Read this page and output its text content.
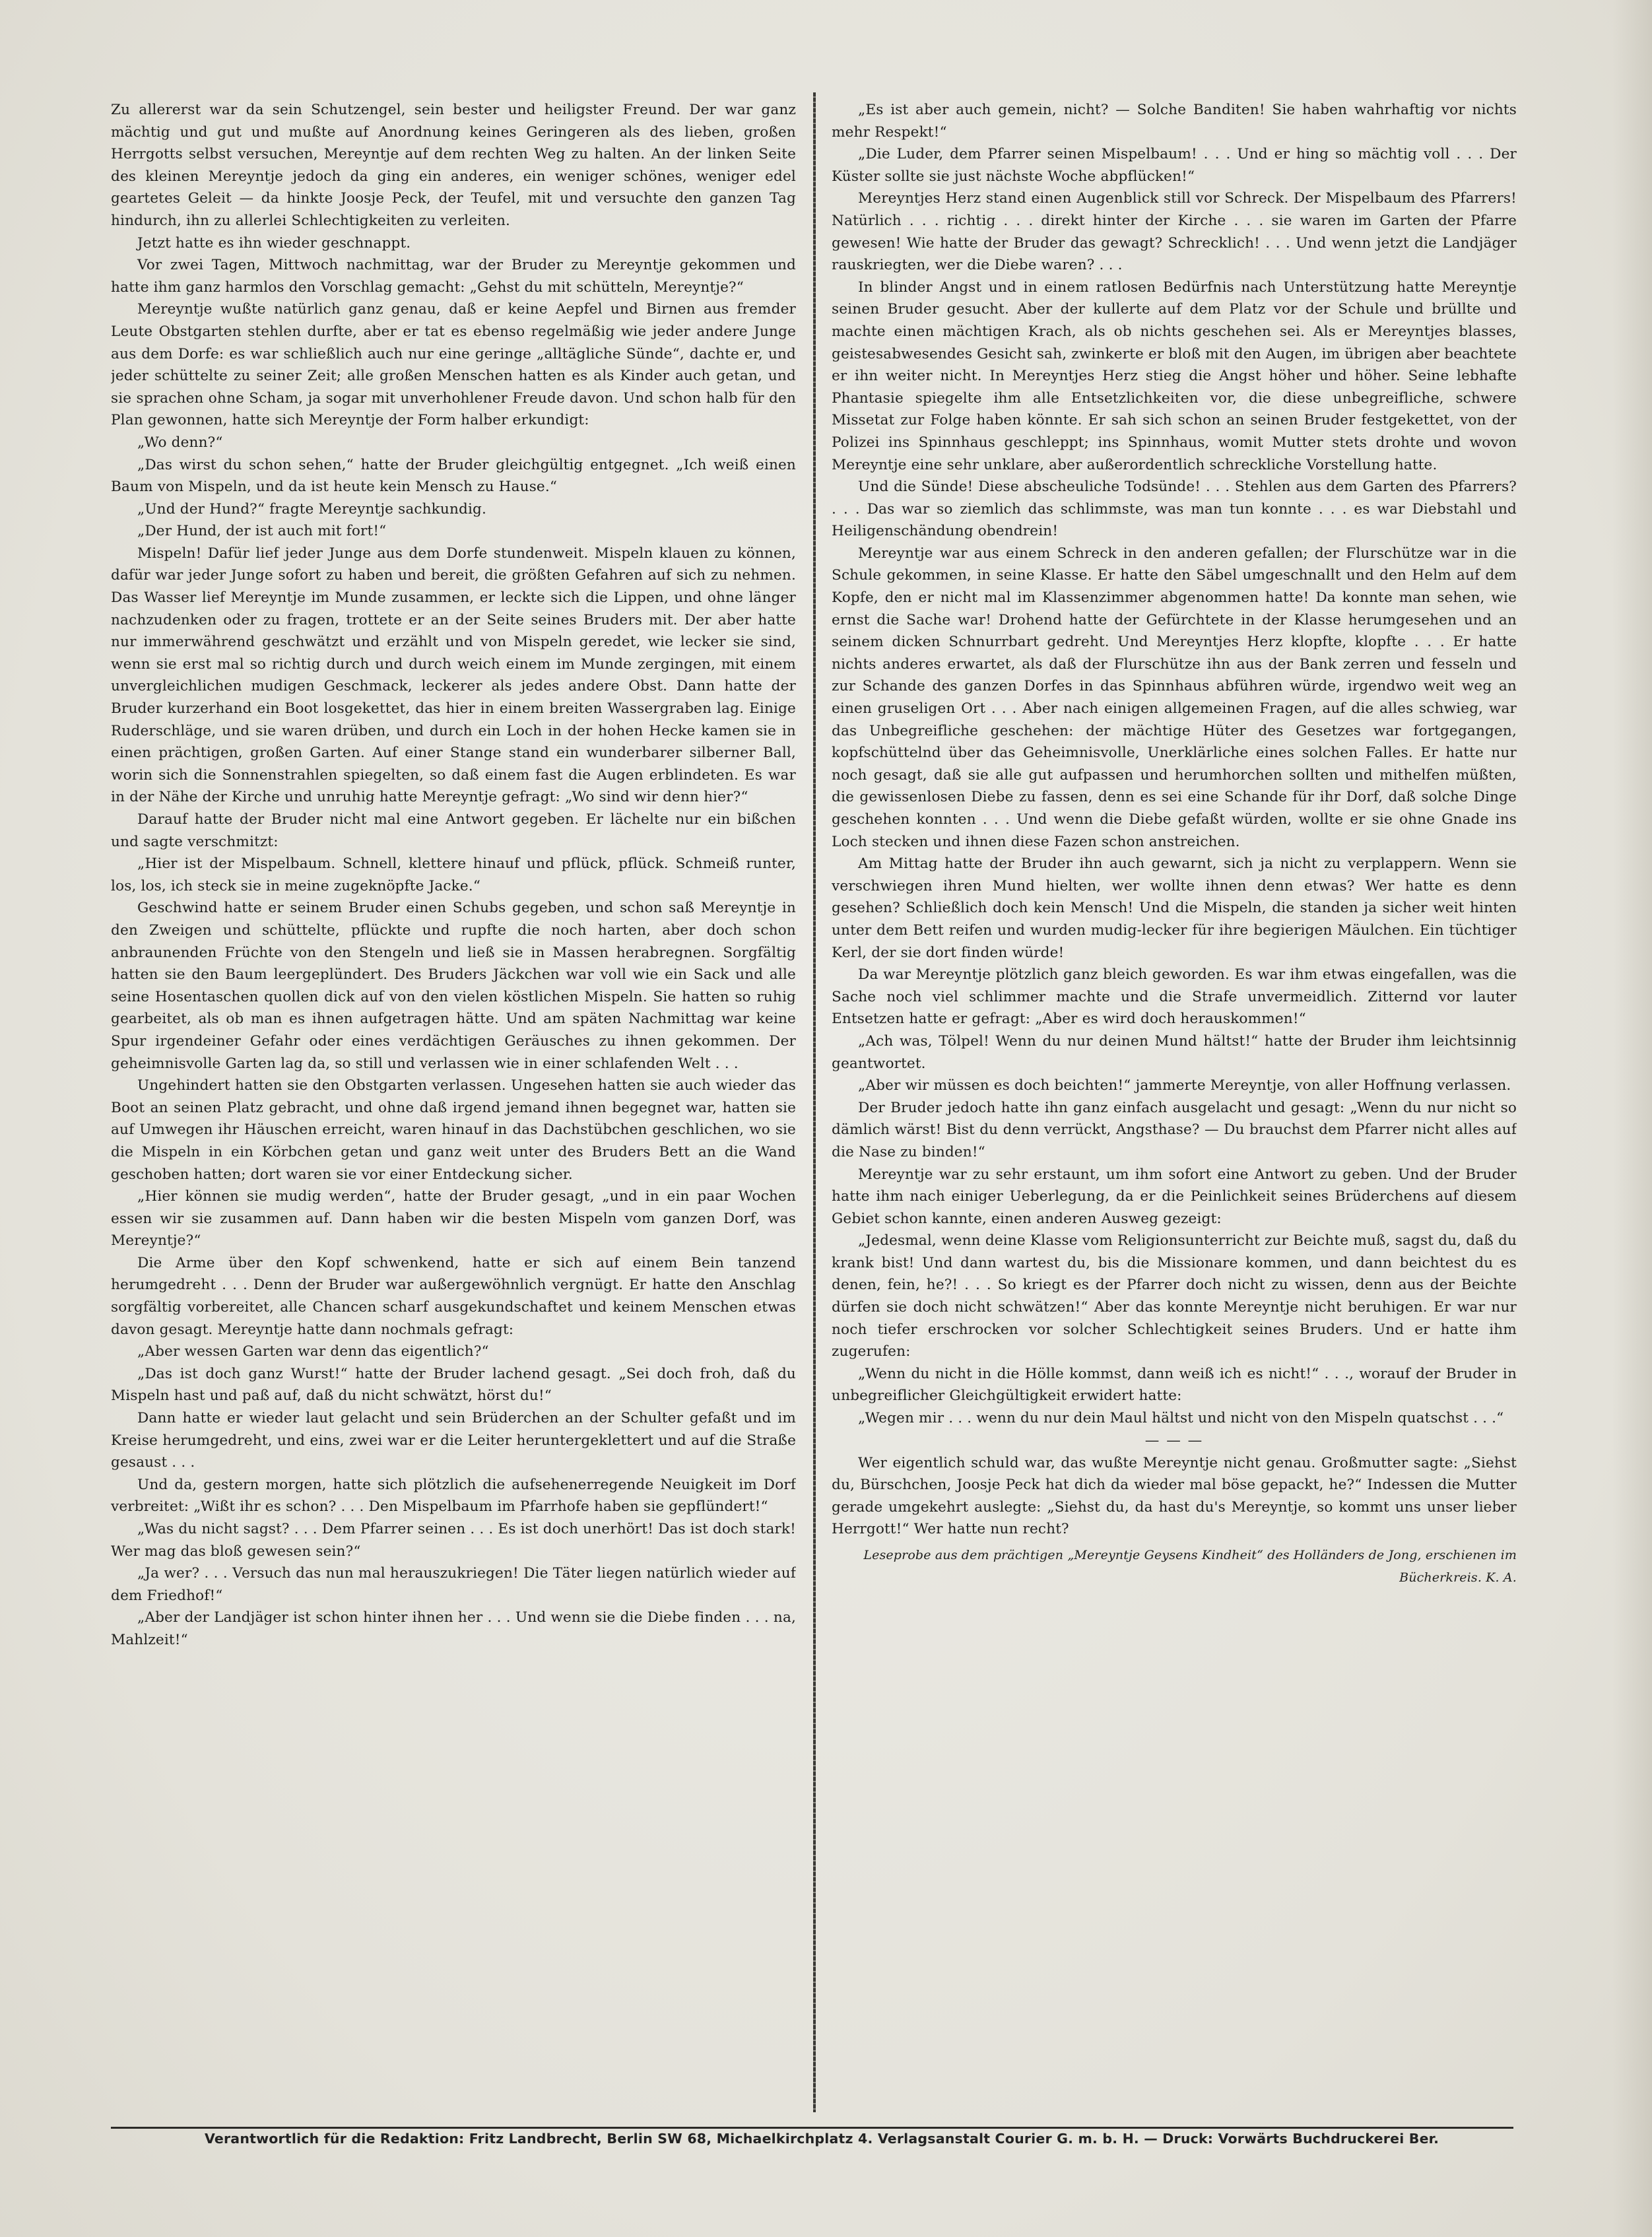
Zu allererst war da sein Schutzengel, sein bester und heiligster Freund. Der war ganz mächtig und gut und mußte auf Anordnung keines Geringeren als des lieben, großen Herrgotts selbst versuchen, Mereyntje auf dem rechten Weg zu halten. An der linken Seite des kleinen Mereyntje jedoch da ging ein anderes, ein weniger schönes, weniger edel geartetes Geleit — da hinkte Joosje Peck, der Teufel, mit und versuchte den ganzen Tag hindurch, ihn zu allerlei Schlechtigkeiten zu verleiten.

Jetzt hatte es ihn wieder geschnappt.

Vor zwei Tagen, Mittwoch nachmittag, war der Bruder zu Mereyntje gekommen und hatte ihm ganz harmlos den Vorschlag gemacht: „Gehst du mit schütteln, Mereyntje?“

Mereyntje wußte natürlich ganz genau, daß er keine Aepfel und Birnen aus fremder Leute Obstgarten stehlen durfte, aber er tat es ebenso regelmäßig wie jeder andere Junge aus dem Dorfe: es war schließlich auch nur eine geringe „alltägliche Sünde“, dachte er, und jeder schüttelte zu seiner Zeit; alle großen Menschen hatten es als Kinder auch getan, und sie sprachen ohne Scham, ja sogar mit unverhohlener Freude davon. Und schon halb für den Plan gewonnen, hatte sich Mereyntje der Form halber erkundigt:

„Wo denn?“

„Das wirst du schon sehen,“ hatte der Bruder gleichgültig entgegnet. „Ich weiß einen Baum von Mispeln, und da ist heute kein Mensch zu Hause.“

„Und der Hund?“ fragte Mereyntje sachkundig.

„Der Hund, der ist auch mit fort!“

Mispeln! Dafür lief jeder Junge aus dem Dorfe stundenweit. Mispeln klauen zu können, dafür war jeder Junge sofort zu haben und bereit, die größten Gefahren auf sich zu nehmen. Das Wasser lief Mereyntje im Munde zusammen, er leckte sich die Lippen, und ohne länger nachzudenken oder zu fragen, trottete er an der Seite seines Bruders mit. Der aber hatte nur immerwährend geschwätzt und erzählt und von Mispeln geredet, wie lecker sie sind, wenn sie erst mal so richtig durch und durch weich einem im Munde zergingen, mit einem unvergleichlichen mudigen Geschmack, leckerer als jedes andere Obst. Dann hatte der Bruder kurzerhand ein Boot losgekettet, das hier in einem breiten Wassergraben lag. Einige Ruderschläge, und sie waren drüben, und durch ein Loch in der hohen Hecke kamen sie in einen prächtigen, großen Garten. Auf einer Stange stand ein wunderbarer silberner Ball, worin sich die Sonnenstrahlen spiegelten, so daß einem fast die Augen erblindeten. Es war in der Nähe der Kirche und unruhig hatte Mereyntje gefragt: „Wo sind wir denn hier?“

Darauf hatte der Bruder nicht mal eine Antwort gegeben. Er lächelte nur ein bißchen und sagte verschmitzt:

„Hier ist der Mispelbaum. Schnell, klettere hinauf und pflück, pflück. Schmeiß runter, los, los, ich steck sie in meine zugeknöpfte Jacke.“

Geschwind hatte er seinem Bruder einen Schubs gegeben, und schon saß Mereyntje in den Zweigen und schüttelte, pflückte und rupfte die noch harten, aber doch schon anbraunenden Früchte von den Stengeln und ließ sie in Massen herabregnen. Sorgfältig hatten sie den Baum leergeplündert. Des Bruders Jäckchen war voll wie ein Sack und alle seine Hosentaschen quollen dick auf von den vielen köstlichen Mispeln. Sie hatten so ruhig gearbeitet, als ob man es ihnen aufgetragen hätte. Und am späten Nachmittag war keine Spur irgendeiner Gefahr oder eines verdächtigen Geräusches zu ihnen gekommen. Der geheimnisvolle Garten lag da, so still und verlassen wie in einer schlafenden Welt . . .

Ungehindert hatten sie den Obstgarten verlassen. Ungesehen hatten sie auch wieder das Boot an seinen Platz gebracht, und ohne daß irgend jemand ihnen begegnet war, hatten sie auf Umwegen ihr Häuschen erreicht, waren hinauf in das Dachstübchen geschlichen, wo sie die Mispeln in ein Körbchen getan und ganz weit unter des Bruders Bett an die Wand geschoben hatten; dort waren sie vor einer Entdeckung sicher.

„Hier können sie mudig werden“, hatte der Bruder gesagt, „und in ein paar Wochen essen wir sie zusammen auf. Dann haben wir die besten Mispeln vom ganzen Dorf, was Mereyntje?“

Die Arme über den Kopf schwenkend, hatte er sich auf einem Bein tanzend herumgedreht . . . Denn der Bruder war außergewöhnlich vergnügt. Er hatte den Anschlag sorgfältig vorbereitet, alle Chancen scharf ausgekundschaftet und keinem Menschen etwas davon gesagt. Mereyntje hatte dann nochmals gefragt:

„Aber wessen Garten war denn das eigentlich?“

„Das ist doch ganz Wurst!“ hatte der Bruder lachend gesagt. „Sei doch froh, daß du Mispeln hast und paß auf, daß du nicht schwätzt, hörst du!“

Dann hatte er wieder laut gelacht und sein Brüderchen an der Schulter gefaßt und im Kreise herumgedreht, und eins, zwei war er die Leiter heruntergeklettert und auf die Straße gesaust . . .

Und da, gestern morgen, hatte sich plötzlich die aufsehenerregende Neuigkeit im Dorf verbreitet: „Wißt ihr es schon? . . . Den Mispelbaum im Pfarrhofe haben sie gepflündert!“

„Was du nicht sagst? . . . Dem Pfarrer seinen . . . Es ist doch unerhört! Das ist doch stark! Wer mag das bloß gewesen sein?“

„Ja wer? . . . Versuch das nun mal herauszukriegen! Die Täter liegen natürlich wieder auf dem Friedhof!“

„Aber der Landjäger ist schon hinter ihnen her . . . Und wenn sie die Diebe finden . . . na, Mahlzeit!“

„Es ist aber auch gemein, nicht? — Solche Banditen! Sie haben wahrhaftig vor nichts mehr Respekt!“

„Die Luder, dem Pfarrer seinen Mispelbaum! . . . Und er hing so mächtig voll . . . Der Küster sollte sie just nächste Woche abpflücken!“

Mereyntjes Herz stand einen Augenblick still vor Schreck. Der Mispelbaum des Pfarrers! Natürlich . . . richtig . . . direkt hinter der Kirche . . . sie waren im Garten der Pfarre gewesen! Wie hatte der Bruder das gewagt? Schrecklich! . . . Und wenn jetzt die Landjäger rauskriegten, wer die Diebe waren? . . .

In blinder Angst und in einem ratlosen Bedürfnis nach Unterstützung hatte Mereyntje seinen Bruder gesucht. Aber der kullerte auf dem Platz vor der Schule und brüllte und machte einen mächtigen Krach, als ob nichts geschehen sei. Als er Mereyntjes blasses, geistesabwesendes Gesicht sah, zwinkerte er bloß mit den Augen, im übrigen aber beachtete er ihn weiter nicht. In Mereyntjes Herz stieg die Angst höher und höher. Seine lebhafte Phantasie spiegelte ihm alle Entsetzlichkeiten vor, die diese unbegreifliche, schwere Missetat zur Folge haben könnte. Er sah sich schon an seinen Bruder festgekettet, von der Polizei ins Spinnhaus geschleppt; ins Spinnhaus, womit Mutter stets drohte und wovon Mereyntje eine sehr unklare, aber außerordentlich schreckliche Vorstellung hatte.

Und die Sünde! Diese abscheuliche Todsünde! . . . Stehlen aus dem Garten des Pfarrers? . . . Das war so ziemlich das schlimmste, was man tun konnte . . . es war Diebstahl und Heiligenschändung obendrein!

Mereyntje war aus einem Schreck in den anderen gefallen; der Flurschütze war in die Schule gekommen, in seine Klasse. Er hatte den Säbel umgeschnallt und den Helm auf dem Kopfe, den er nicht mal im Klassenzimmer abgenommen hatte! Da konnte man sehen, wie ernst die Sache war! Drohend hatte der Gefürchtete in der Klasse herumgesehen und an seinem dicken Schnurrbart gedreht. Und Mereyntjes Herz klopfte, klopfte . . . Er hatte nichts anderes erwartet, als daß der Flurschütze ihn aus der Bank zerren und fesseln und zur Schande des ganzen Dorfes in das Spinnhaus abführen würde, irgendwo weit weg an einen gruseligen Ort . . . Aber nach einigen allgemeinen Fragen, auf die alles schwieg, war das Unbegreifliche geschehen: der mächtige Hüter des Gesetzes war fortgegangen, kopfschüttelnd über das Geheimnisvolle, Unerklärliche eines solchen Falles. Er hatte nur noch gesagt, daß sie alle gut aufpassen und herumhorchen sollten und mithelfen müßten, die gewissenlosen Diebe zu fassen, denn es sei eine Schande für ihr Dorf, daß solche Dinge geschehen konnten . . . Und wenn die Diebe gefaßt würden, wollte er sie ohne Gnade ins Loch stecken und ihnen diese Fazen schon anstreichen.

Am Mittag hatte der Bruder ihn auch gewarnt, sich ja nicht zu verplappern. Wenn sie verschwiegen ihren Mund hielten, wer wollte ihnen denn etwas? Wer hatte es denn gesehen? Schließlich doch kein Mensch! Und die Mispeln, die standen ja sicher weit hinten unter dem Bett reifen und wurden mudig-lecker für ihre begierigen Mäulchen. Ein tüchtiger Kerl, der sie dort finden würde!

Da war Mereyntje plötzlich ganz bleich geworden. Es war ihm etwas eingefallen, was die Sache noch viel schlimmer machte und die Strafe unvermeidlich. Zitternd vor lauter Entsetzen hatte er gefragt: „Aber es wird doch herauskommen!“

„Ach was, Tölpel! Wenn du nur deinen Mund hältst!“ hatte der Bruder ihm leichtsinnig geantwortet.

„Aber wir müssen es doch beichten!“ jammerte Mereyntje, von aller Hoffnung verlassen.

Der Bruder jedoch hatte ihn ganz einfach ausgelacht und gesagt: „Wenn du nur nicht so dämlich wärst! Bist du denn verrückt, Angsthase? — Du brauchst dem Pfarrer nicht alles auf die Nase zu binden!“

Mereyntje war zu sehr erstaunt, um ihm sofort eine Antwort zu geben. Und der Bruder hatte ihm nach einiger Ueberlegung, da er die Peinlichkeit seines Brüderchens auf diesem Gebiet schon kannte, einen anderen Ausweg gezeigt:

„Jedesmal, wenn deine Klasse vom Religionsunterricht zur Beichte muß, sagst du, daß du krank bist! Und dann wartest du, bis die Missionare kommen, und dann beichtest du es denen, fein, he?! . . . So kriegt es der Pfarrer doch nicht zu wissen, denn aus der Beichte dürfen sie doch nicht schwätzen!“ Aber das konnte Mereyntje nicht beruhigen. Er war nur noch tiefer erschrocken vor solcher Schlechtigkeit seines Bruders. Und er hatte ihm zugerufen:

„Wenn du nicht in die Hölle kommst, dann weiß ich es nicht!“ . . ., worauf der Bruder in unbegreiflicher Gleichgültigkeit erwidert hatte:

„Wegen mir . . . wenn du nur dein Maul hältst und nicht von den Mispeln quatschst . . .“

— — —

Wer eigentlich schuld war, das wußte Mereyntje nicht genau. Großmutter sagte: „Siehst du, Bürschchen, Joosje Peck hat dich da wieder mal böse gepackt, he?“ Indessen die Mutter gerade umgekehrt auslegte: „Siehst du, da hast du's Mereyntje, so kommt uns unser lieber Herrgott!“ Wer hatte nun recht?

Leseprobe aus dem prächtigen „Mereyntje Geysens Kindheit“ des Holländers de Jong, erschienen im Bücherkreis. K. A.

Verantwortlich für die Redaktion: Fritz Landbrecht, Berlin SW 68, Michaelkirchplatz 4. Verlagsanstalt Courier G. m. b. H. — Druck: Vorwärts Buchdruckerei Ber.
